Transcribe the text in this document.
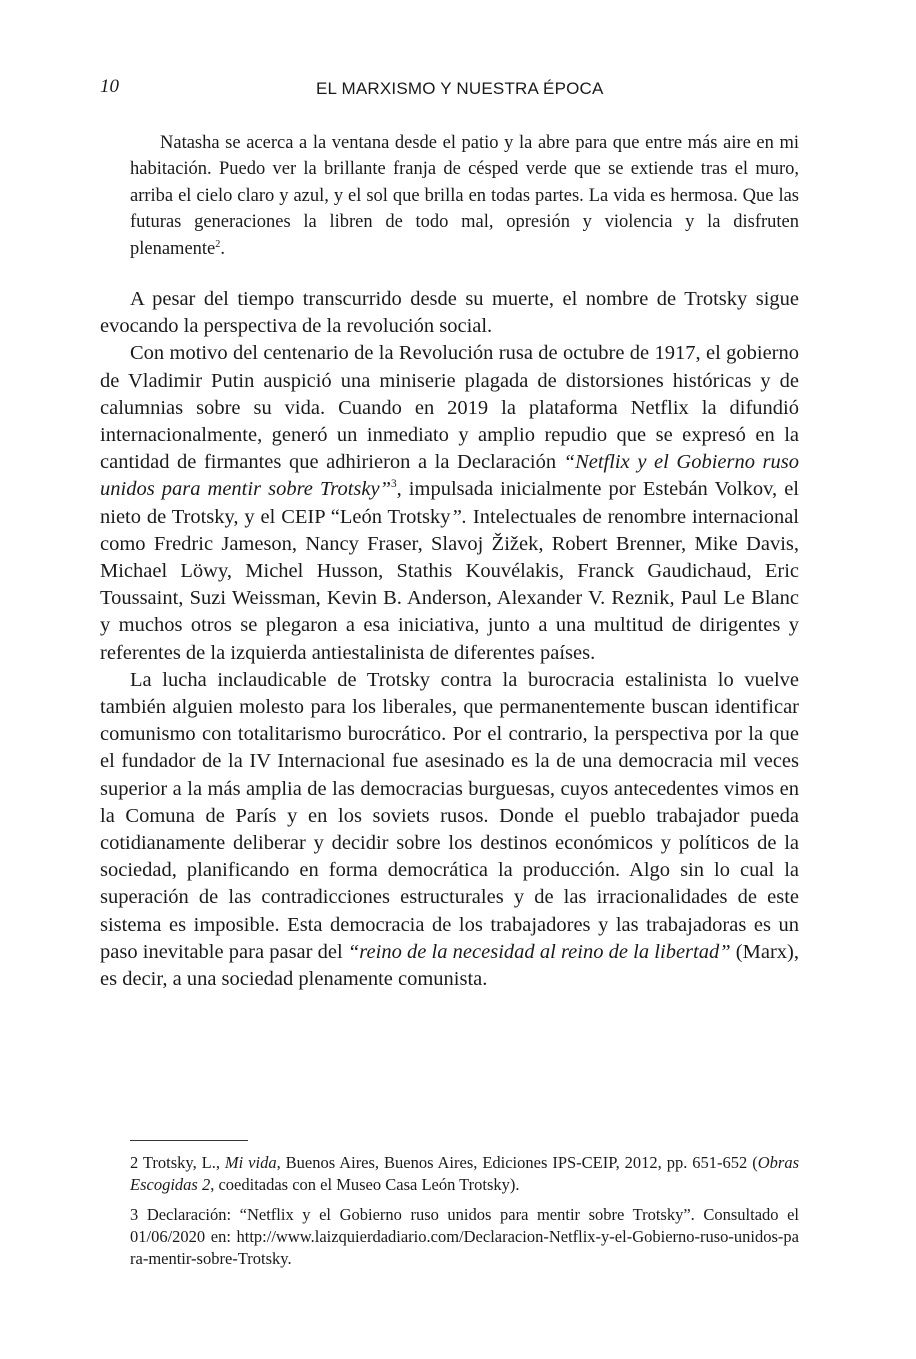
10	EL MARXISMO Y NUESTRA ÉPOCA

Natasha se acerca a la ventana desde el patio y la abre para que entre más aire en mi habitación. Puedo ver la brillante franja de césped verde que se extiende tras el muro, arriba el cielo claro y azul, y el sol que brilla en todas partes. La vida es hermosa. Que las futuras generaciones la libren de todo mal, opresión y violencia y la disfruten plenamente$^2$.

A pesar del tiempo transcurrido desde su muerte, el nombre de Trotsky sigue evocando la perspectiva de la revolución social.

Con motivo del centenario de la Revolución rusa de octubre de 1917, el gobierno de Vladimir Putin auspició una miniserie plagada de distorsiones históricas y de calumnias sobre su vida. Cuando en 2019 la plataforma Netflix la difundió internacionalmente, generó un inmediato y amplio repudio que se expresó en la cantidad de firmantes que adhirieron a la Declaración “Netflix y el Gobierno ruso unidos para mentir sobre Trotsky”$^3$, impulsada inicialmente por Estebán Volkov, el nieto de Trotsky, y el CEIP “León Trotsky”. Intelectuales de renombre internacional como Fredric Jameson, Nancy Fraser, Slavoj Žižek, Robert Brenner, Mike Davis, Michael Löwy, Michel Husson, Stathis Kouvélakis, Franck Gaudichaud, Eric Toussaint, Suzi Weissman, Kevin B. Anderson, Alexander V. Reznik, Paul Le Blanc y muchos otros se plegaron a esa iniciativa, junto a una multitud de dirigentes y referentes de la izquierda antiestalinista de diferentes países.

La lucha inclaudicable de Trotsky contra la burocracia estalinista lo vuelve también alguien molesto para los liberales, que permanentemente buscan identificar comunismo con totalitarismo burocrático. Por el contrario, la perspectiva por la que el fundador de la IV Internacional fue asesinado es la de una democracia mil veces superior a la más amplia de las democracias burguesas, cuyos antecedentes vimos en la Comuna de París y en los soviets rusos. Donde el pueblo trabajador pueda cotidianamente deliberar y decidir sobre los destinos económicos y políticos de la sociedad, planificando en forma democrática la producción. Algo sin lo cual la superación de las contradicciones estructurales y de las irracionalidades de este sistema es imposible. Esta democracia de los trabajadores y las trabajadoras es un paso inevitable para pasar del “reino de la necesidad al reino de la libertad” (Marx), es decir, a una sociedad plenamente comunista.

2 Trotsky, L., Mi vida, Buenos Aires, Buenos Aires, Ediciones IPS-CEIP, 2012, pp. 651-652 (Obras Escogidas 2, coeditadas con el Museo Casa León Trotsky).

3 Declaración: “Netflix y el Gobierno ruso unidos para mentir sobre Trotsky”. Consultado el 01/06/2020 en: http://www.laizquierdadiario.com/Declaracion-Netflix-y-el-Gobierno-ruso-unidos-para-mentir-sobre-Trotsky.
